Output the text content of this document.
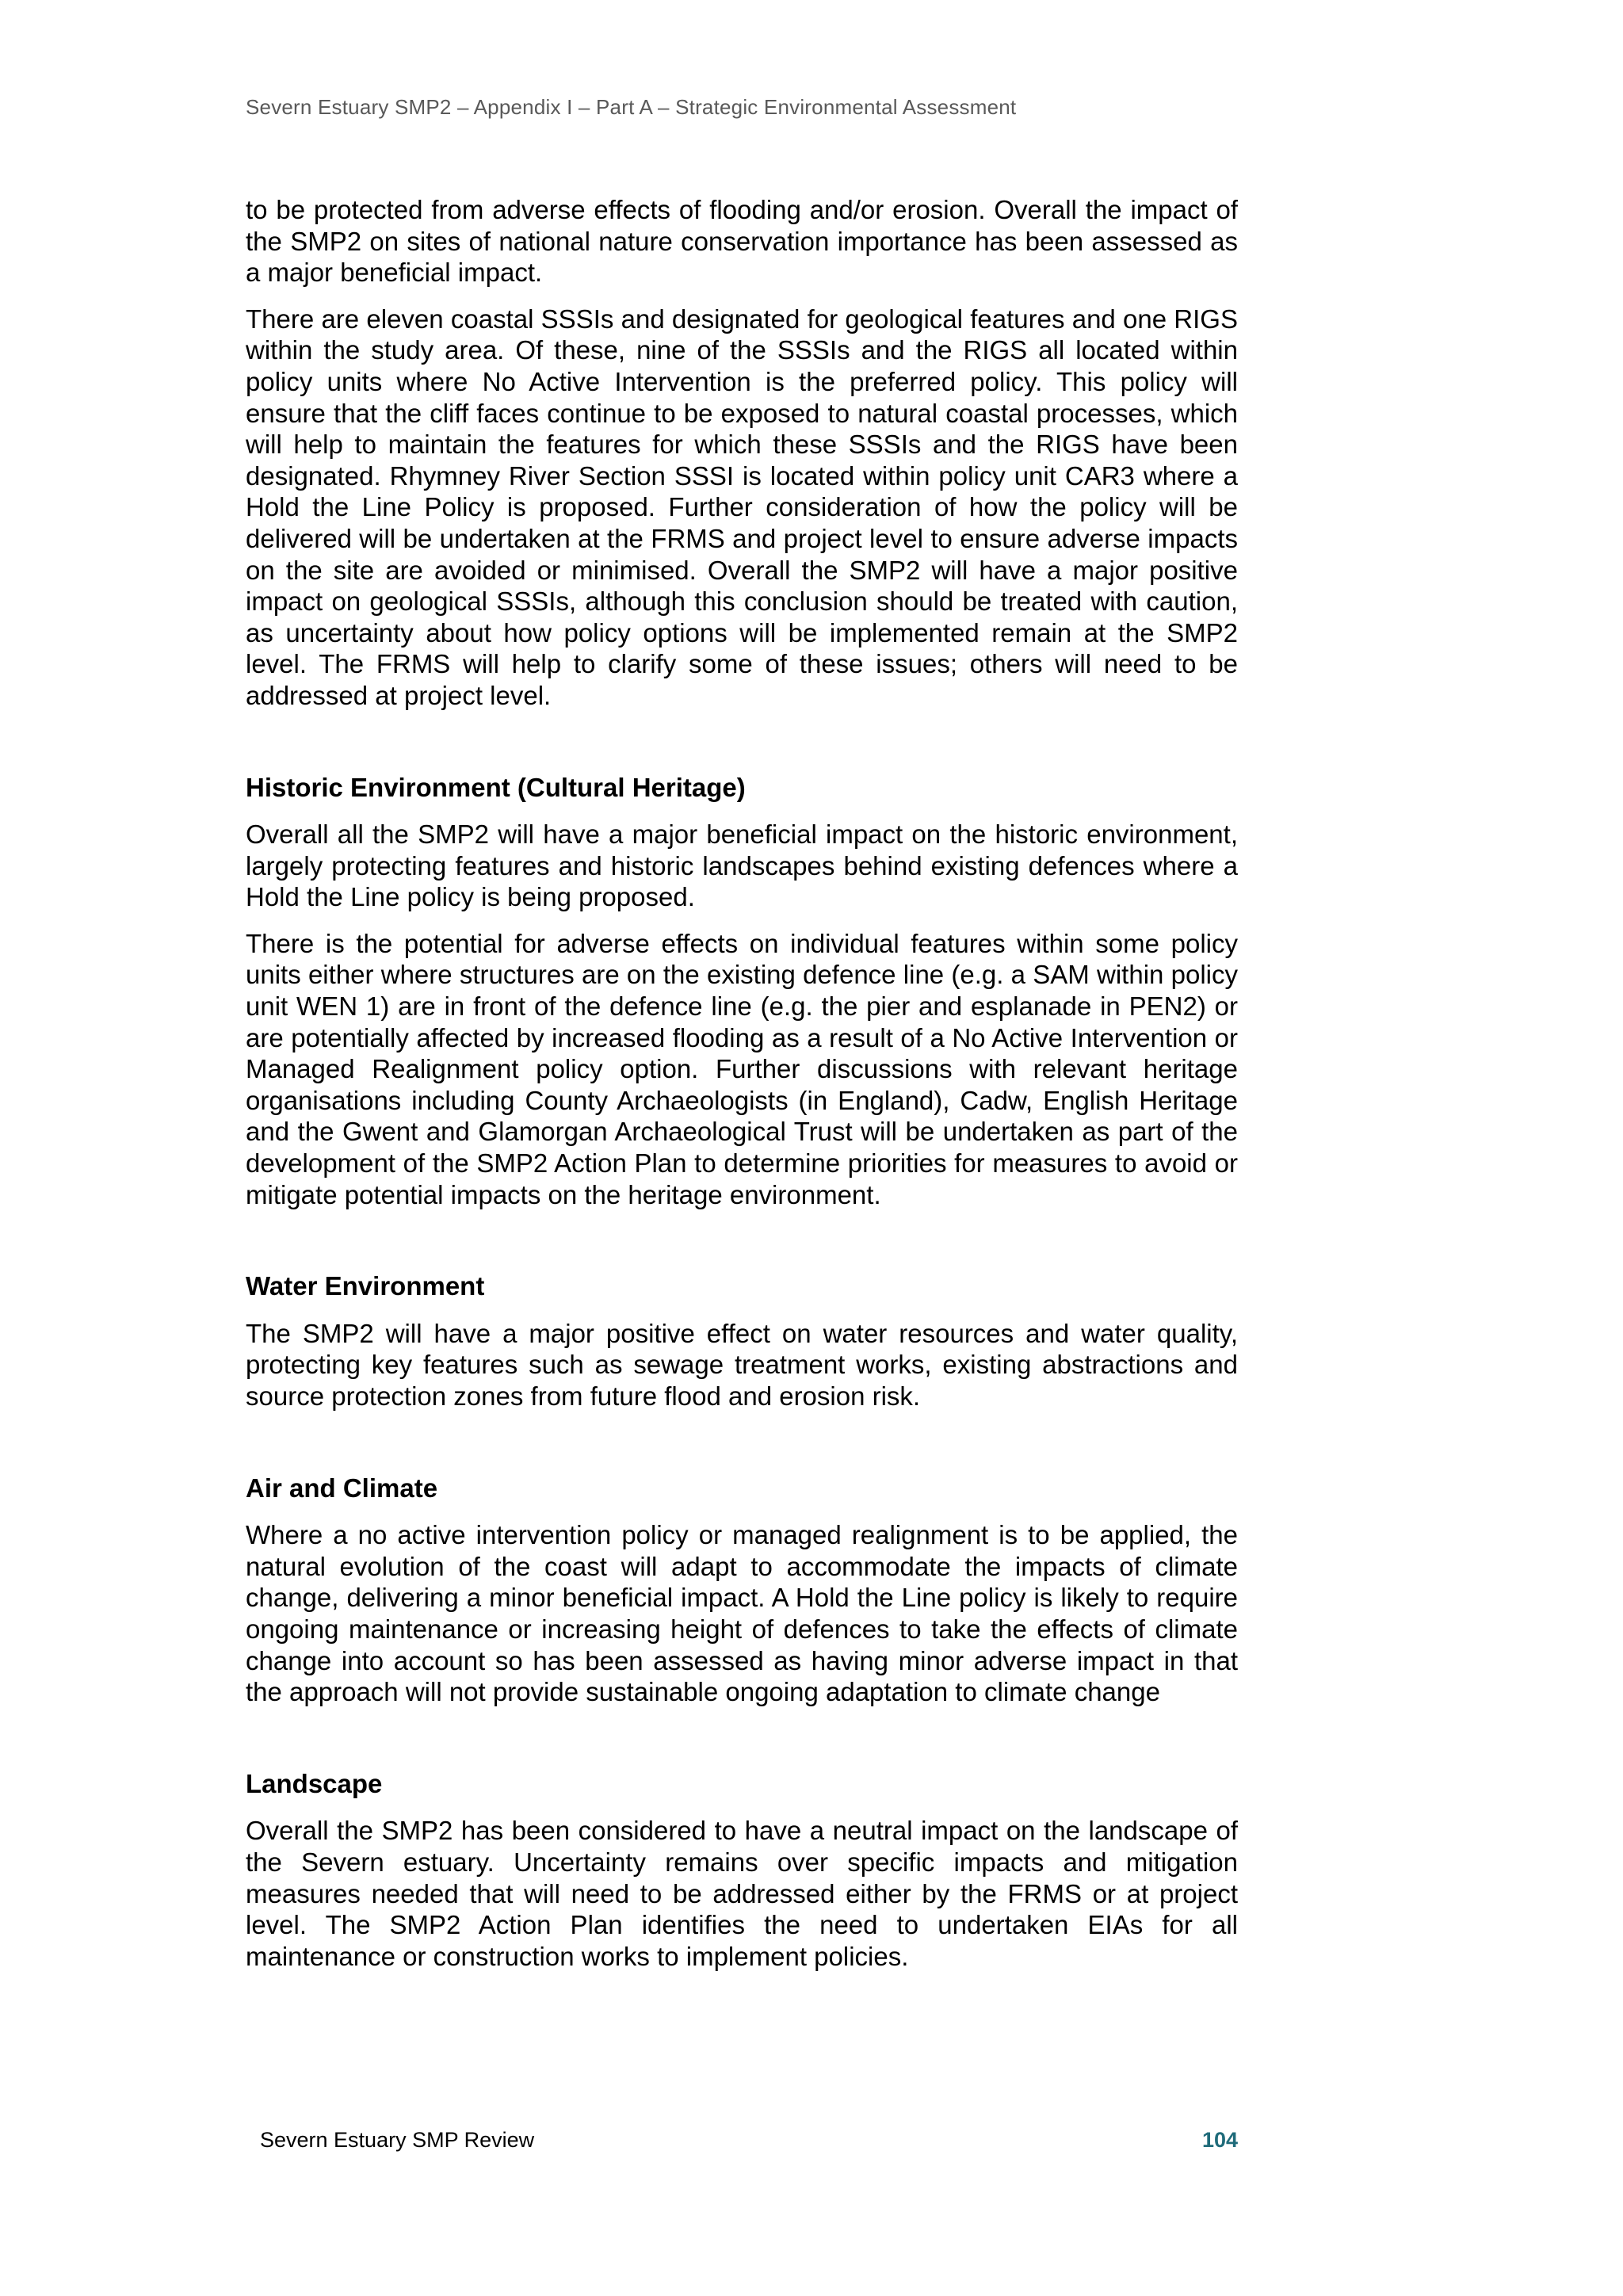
Severn Estuary SMP2 – Appendix I – Part A – Strategic Environmental Assessment

to be protected from adverse effects of flooding and/or erosion. Overall the impact of the SMP2 on sites of national nature conservation importance has been assessed as a major beneficial impact.

There are eleven coastal SSSIs and designated for geological features and one RIGS within the study area. Of these, nine of the SSSIs and the RIGS all located within policy units where No Active Intervention is the preferred policy. This policy will ensure that the cliff faces continue to be exposed to natural coastal processes, which will help to maintain the features for which these SSSIs and the RIGS have been designated. Rhymney River Section SSSI is located within policy unit CAR3 where a Hold the Line Policy is proposed. Further consideration of how the policy will be delivered will be undertaken at the FRMS and project level to ensure adverse impacts on the site are avoided or minimised. Overall the SMP2 will have a major positive impact on geological SSSIs, although this conclusion should be treated with caution, as uncertainty about how policy options will be implemented remain at the SMP2 level. The FRMS will help to clarify some of these issues; others will need to be addressed at project level.

Historic Environment (Cultural Heritage)

Overall all the SMP2 will have a major beneficial impact on the historic environment, largely protecting features and historic landscapes behind existing defences where a Hold the Line policy is being proposed.

There is the potential for adverse effects on individual features within some policy units either where structures are on the existing defence line (e.g. a SAM within policy unit WEN 1) are in front of the defence line (e.g. the pier and esplanade in PEN2) or are potentially affected by increased flooding as a result of a No Active Intervention or Managed Realignment policy option. Further discussions with relevant heritage organisations including County Archaeologists (in England), Cadw, English Heritage and the Gwent and Glamorgan Archaeological Trust will be undertaken as part of the development of the SMP2 Action Plan to determine priorities for measures to avoid or mitigate potential impacts on the heritage environment.

Water Environment

The SMP2 will have a major positive effect on water resources and water quality, protecting key features such as sewage treatment works, existing abstractions and source protection zones from future flood and erosion risk.

Air and Climate

Where a no active intervention policy or managed realignment is to be applied, the natural evolution of the coast will adapt to accommodate the impacts of climate change, delivering a minor beneficial impact. A Hold the Line policy is likely to require ongoing maintenance or increasing height of defences to take the effects of climate change into account so has been assessed as having minor adverse impact in that the approach will not provide sustainable ongoing adaptation to climate change

Landscape

Overall the SMP2 has been considered to have a neutral impact on the landscape of the Severn estuary. Uncertainty remains over specific impacts and mitigation measures needed that will need to be addressed either by the FRMS or at project level. The SMP2 Action Plan identifies the need to undertaken EIAs for all maintenance or construction works to implement policies.

Severn Estuary SMP Review	104
